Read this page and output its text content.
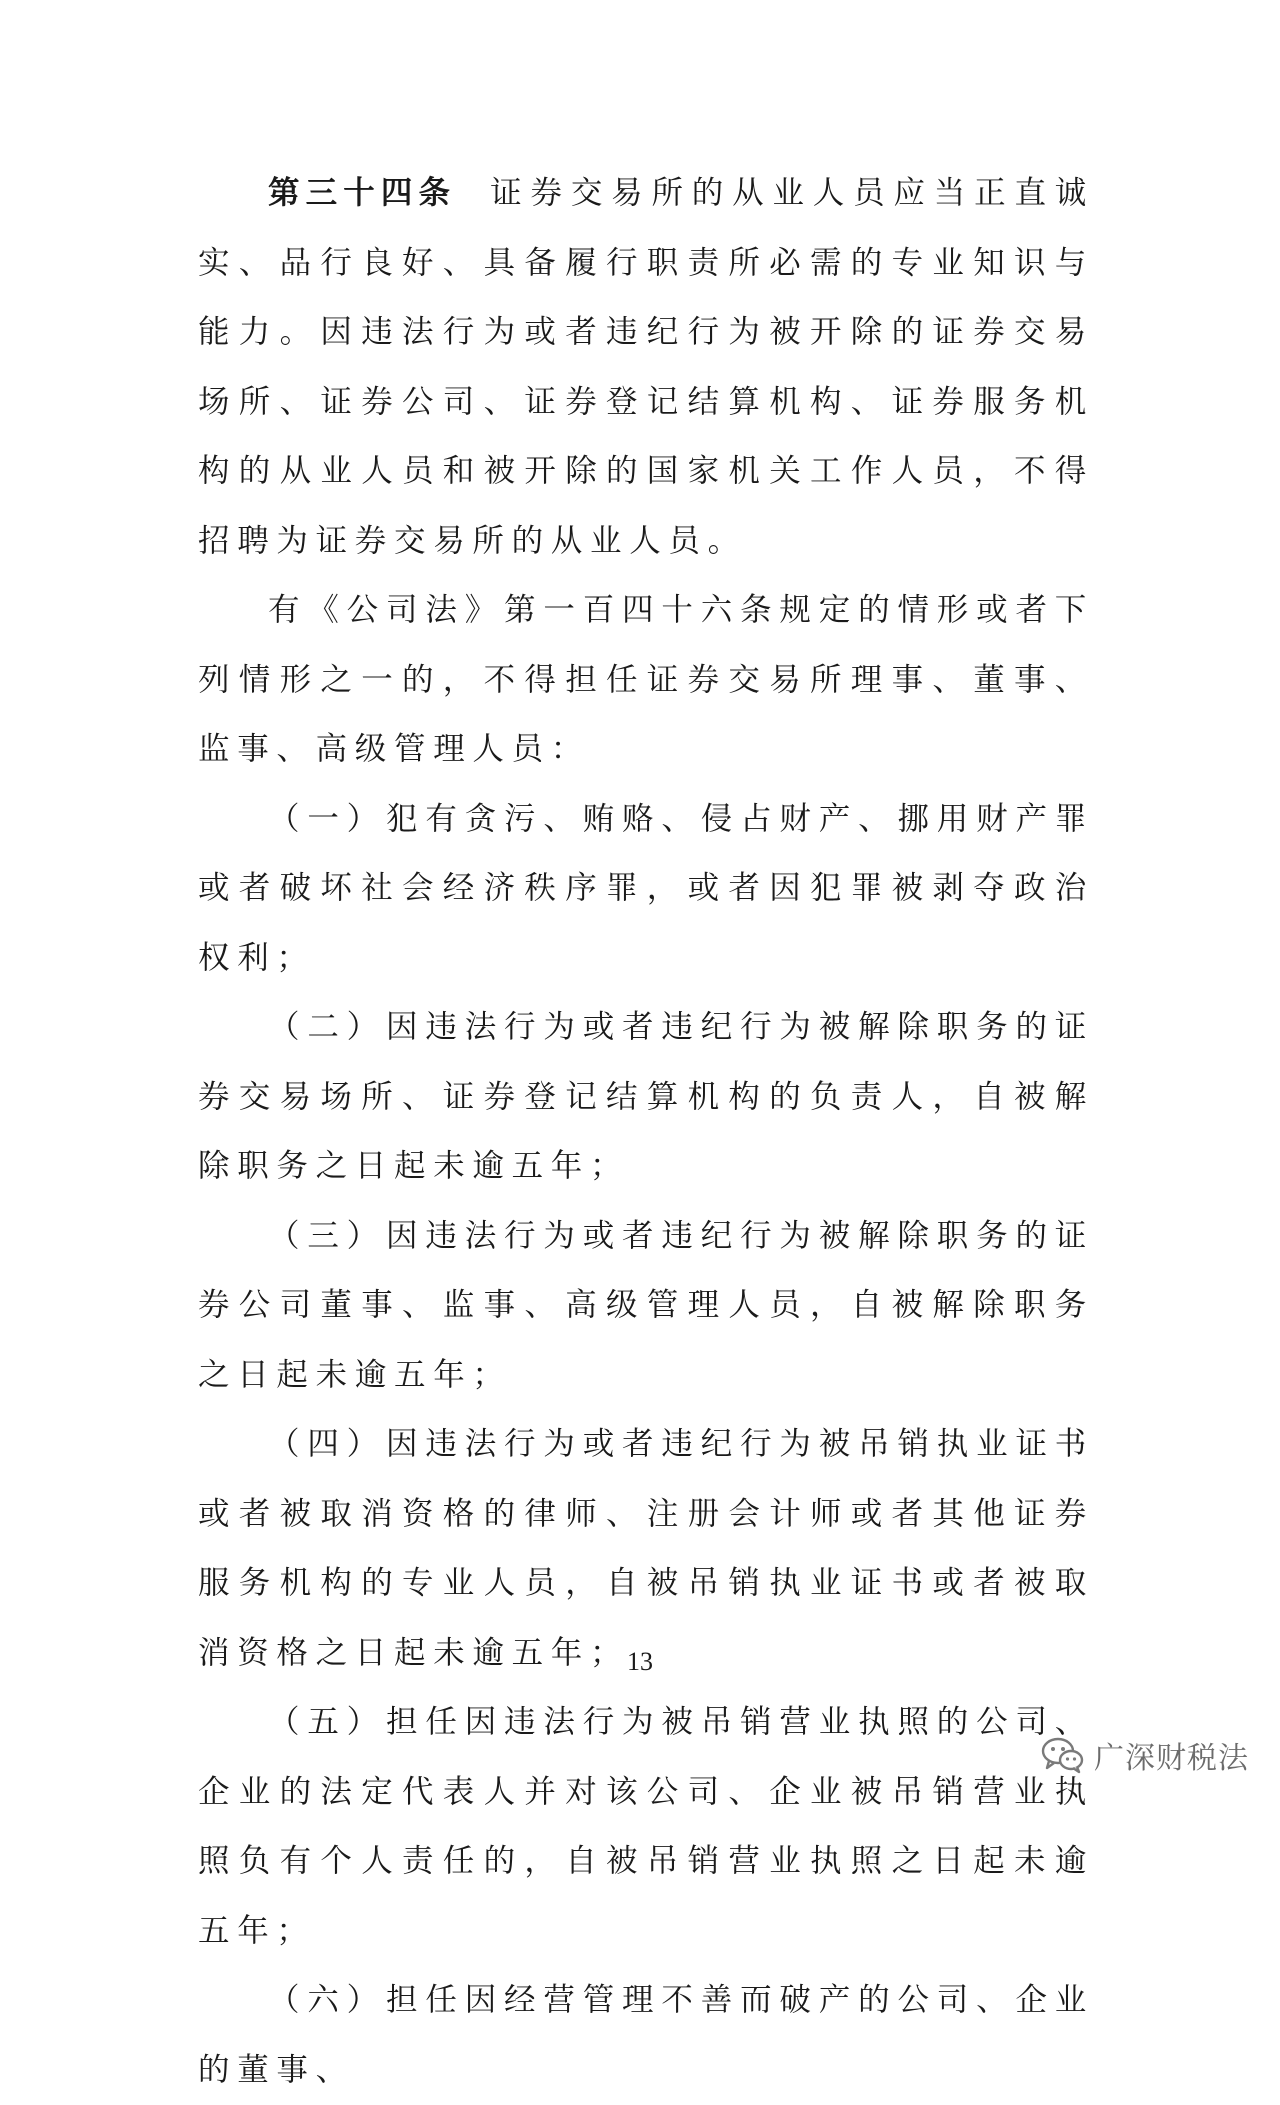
第三十四条 证券交易所的从业人员应当正直诚实、品行良好、具备履行职责所必需的专业知识与能力。因违法行为或者违纪行为被开除的证券交易场所、证券公司、证券登记结算机构、证券服务机构的从业人员和被开除的国家机关工作人员，不得招聘为证券交易所的从业人员。

有《公司法》第一百四十六条规定的情形或者下列情形之一的，不得担任证券交易所理事、董事、监事、高级管理人员：

（一）犯有贪污、贿赂、侵占财产、挪用财产罪或者破坏社会经济秩序罪，或者因犯罪被剥夺政治权利；

（二）因违法行为或者违纪行为被解除职务的证券交易场所、证券登记结算机构的负责人，自被解除职务之日起未逾五年；

（三）因违法行为或者违纪行为被解除职务的证券公司董事、监事、高级管理人员，自被解除职务之日起未逾五年；

（四）因违法行为或者违纪行为被吊销执业证书或者被取消资格的律师、注册会计师或者其他证券服务机构的专业人员，自被吊销执业证书或者被取消资格之日起未逾五年；

（五）担任因违法行为被吊销营业执照的公司、企业的法定代表人并对该公司、企业被吊销营业执照负有个人责任的，自被吊销营业执照之日起未逾五年；

（六）担任因经营管理不善而破产的公司、企业的董事、

13
广深财税法
